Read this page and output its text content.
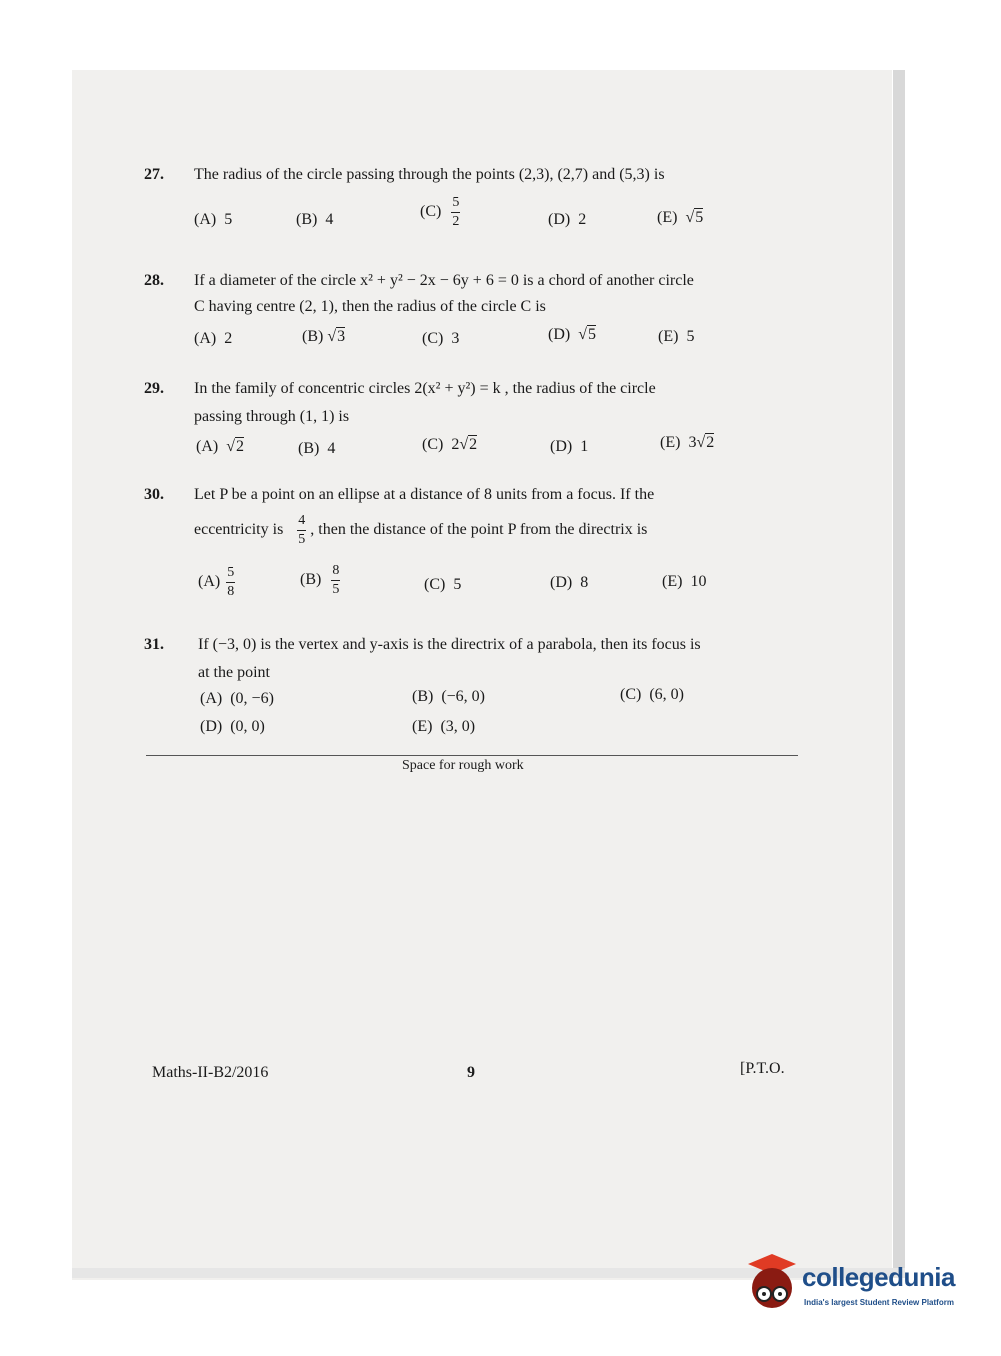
27. The radius of the circle passing through the points (2,3), (2,7) and (5,3) is
(A) 5	(B) 4	$(C) \frac{5}{2}$	(D) 2	(E) √5
28. If a diameter of the circle x² + y² − 2x − 6y + 6 = 0 is a chord of another circle
C having centre (2, 1), then the radius of the circle C is
(A) 2	(B) √3	(C) 3	(D) √5	(E) 5
29. In the family of concentric circles 2(x² + y²) = k , the radius of the circle
passing through (1, 1) is
(A) √2	(B) 4	(C) 2√2	(D) 1	(E) 3√2
30. Let P be a point on an ellipse at a distance of 8 units from a focus. If the
eccentricity is $\frac{4}{5}$ , then the distance of the point P from the directrix is
$(A) \frac{5}{8}$	$(B) \frac{8}{5}$	(C) 5	(D) 8	(E) 10
31. If (−3, 0) is the vertex and y-axis is the directrix of a parabola, then its focus is
at the point
(A) (0, −6)	(B) (−6, 0)	(C) (6, 0)
(D) (0, 0)	(E) (3, 0)
Space for rough work
Maths-II-B2/2016	9	[P.T.O.
collegedunia
India's largest Student Review Platform
